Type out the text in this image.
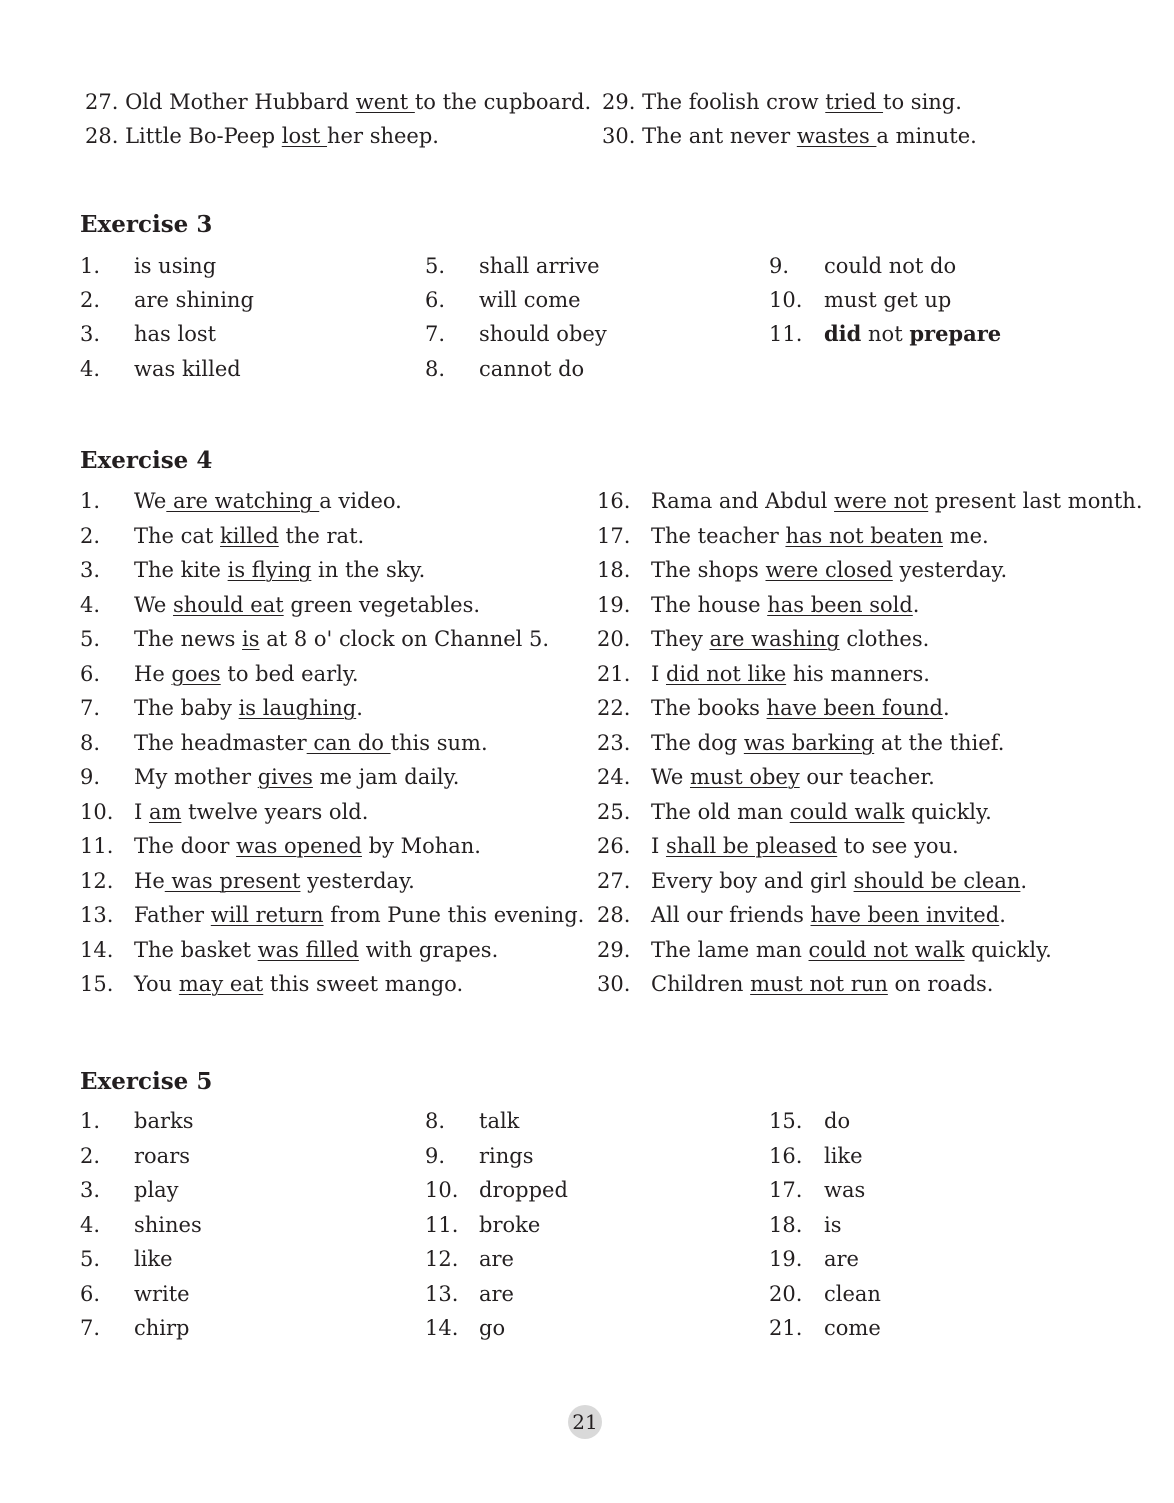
27. Old Mother Hubbard went to the cupboard.
28. Little Bo-Peep lost her sheep.
29. The foolish crow tried to sing.
30. The ant never wastes a minute.
Exercise 3
1. is using
2. are shining
3. has lost
4. was killed
5. shall arrive
6. will come
7. should obey
8. cannot do
9. could not do
10. must get up
11. did not prepare
Exercise 4
1. We are watching a video.
2. The cat killed the rat.
3. The kite is flying in the sky.
4. We should eat green vegetables.
5. The news is at 8 o' clock on Channel 5.
6. He goes to bed early.
7. The baby is laughing.
8. The headmaster can do this sum.
9. My mother gives me jam daily.
10. I am twelve years old.
11. The door was opened by Mohan.
12. He was present yesterday.
13. Father will return from Pune this evening.
14. The basket was filled with grapes.
15. You may eat this sweet mango.
16. Rama and Abdul were not present last month.
17. The teacher has not beaten me.
18. The shops were closed yesterday.
19. The house has been sold.
20. They are washing clothes.
21. I did not like his manners.
22. The books have been found.
23. The dog was barking at the thief.
24. We must obey our teacher.
25. The old man could walk quickly.
26. I shall be pleased to see you.
27. Every boy and girl should be clean.
28. All our friends have been invited.
29. The lame man could not walk quickly.
30. Children must not run on roads.
Exercise 5
1. barks
2. roars
3. play
4. shines
5. like
6. write
7. chirp
8. talk
9. rings
10. dropped
11. broke
12. are
13. are
14. go
15. do
16. like
17. was
18. is
19. are
20. clean
21. come
21
